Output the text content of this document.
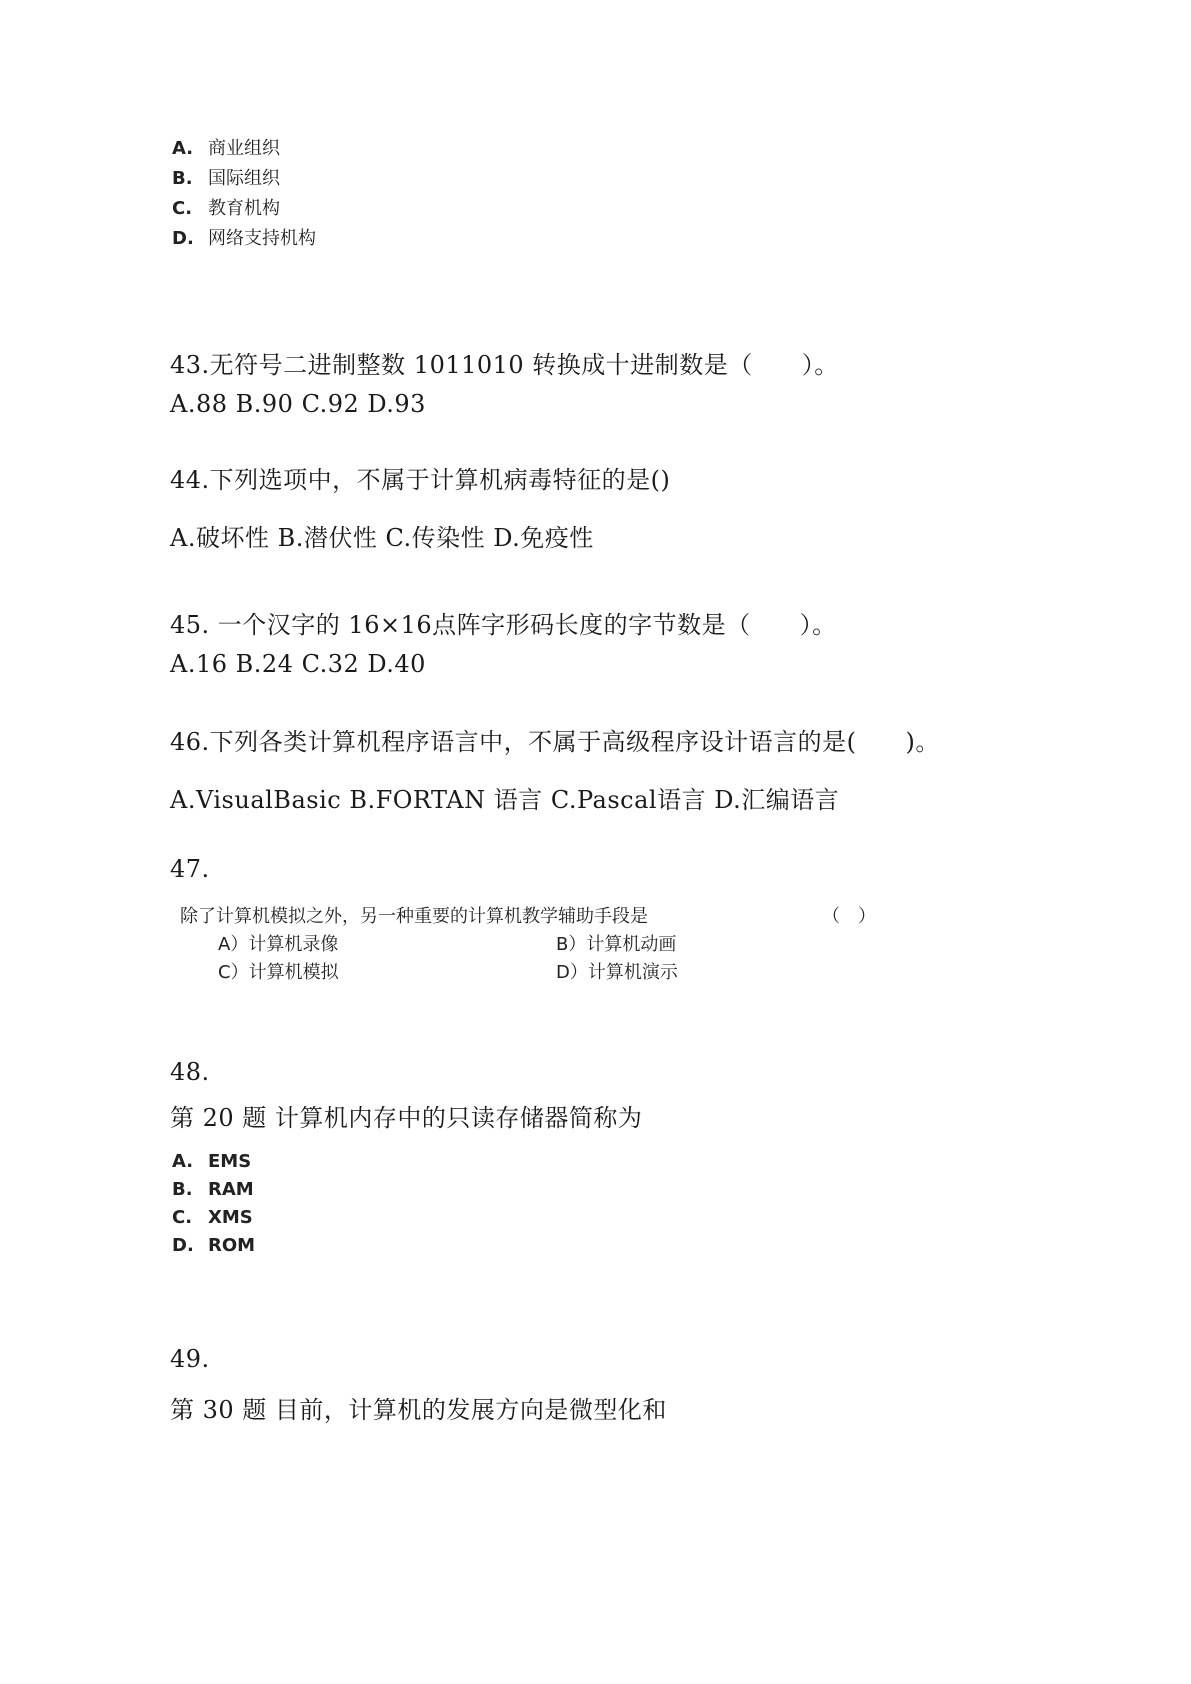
A. 商业组织
B. 国际组织
C. 教育机构
D. 网络支持机构
43.无符号二进制整数 1011010 转换成十进制数是（　　）。
A.88 B.90 C.92 D.93
44.下列选项中，不属于计算机病毒特征的是()
A.破坏性 B.潜伏性 C.传染性 D.免疫性
45. 一个汉字的 16×16点阵字形码长度的字节数是（　　）。
A.16 B.24 C.32 D.40
46.下列各类计算机程序语言中，不属于高级程序设计语言的是(　　)。
A.VisualBasic B.FORTAN 语言 C.Pascal语言 D.汇编语言
47.
除了计算机模拟之外，另一种重要的计算机教学辅助手段是	（　）
A）计算机录像	B）计算机动画
C）计算机模拟	D）计算机演示
48.
第 20 题 计算机内存中的只读存储器简称为
A. EMS
B. RAM
C. XMS
D. ROM
49.
第 30 题 目前，计算机的发展方向是微型化和
